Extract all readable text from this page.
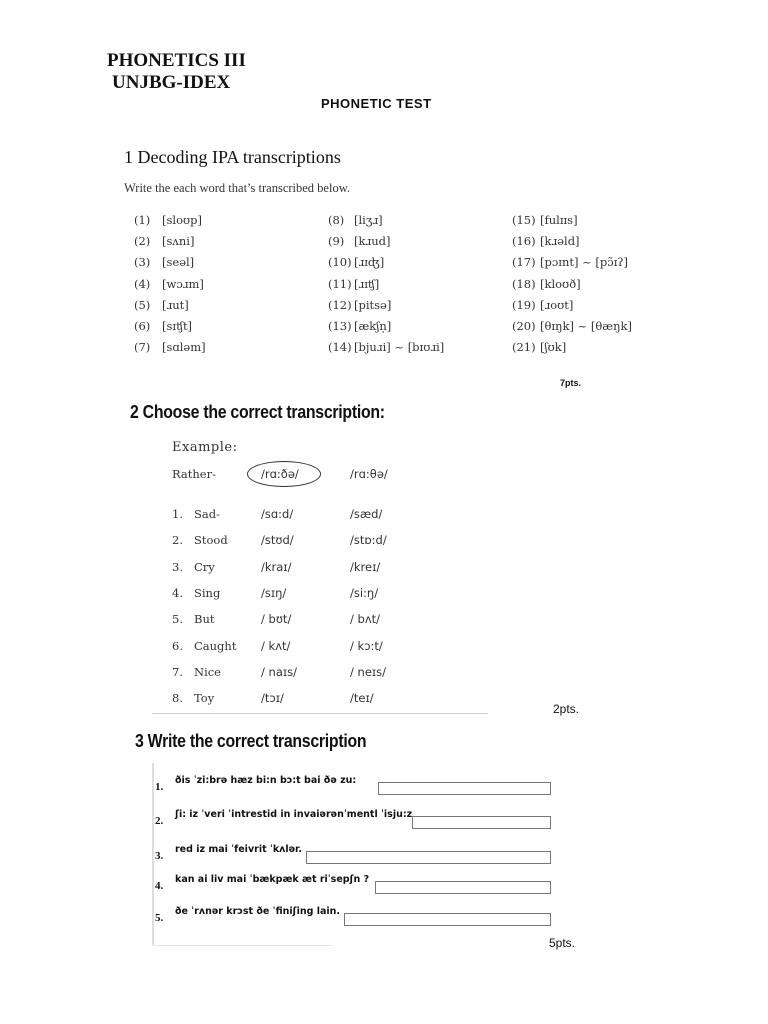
PHONETICS III
UNJBG-IDEX
PHONETIC TEST
1 Decoding IPA transcriptions
Write the each word that’s transcribed below.
(1) [sloʊp]
(2) [sʌni]
(3) [seəl]
(4) [wɔɹm]
(5) [ɹut]
(6) [sɪʧt]
(7) [sɑləm]
(8) [liʒɹ]
(9) [kɹud]
(10) [ɹɪʤ]
(11) [ɹɪʧ]
(12) [pitsə]
(13) [ækʃn̩]
(14) [bjuɹi] ~ [bɪʊɹi]
(15) [fulɪɪs]
(16) [kɹəld]
(17) [pɔɪnt] ~ [pɔ̃ɪʔ]
(18) [kloʊð]
(19) [ɹoʊt]
(20) [θɪŋk] ~ [θæŋk]
(21) [ʃʊk]
7pts.
2 Choose the correct transcription:
Example:
Rather-	/rɑ:ðə/	/rɑ:θə/
1. Sad-	/sɑ:d/	/sæd/
2. Stood	/stʊd/	/stɒ:d/
3. Cry	/kraɪ/	/kreɪ/
4. Sing	/sɪŋ/	/si:ŋ/
5. But	/ bʊt/	/ bʌt/
6. Caught / kʌt/	/ kɔ:t/
7. Nice	/ naɪs/	/ neɪs/
8. Toy	/tɔɪ/	/teɪ/
2pts.
3 Write the correct transcription
1.
ðis ˈzi:brə hæz bi:n bɔ:t bai ðə zu:
2.
ʃi: iz ˈveri ˈintrestid in invaiərənˈmentl ˈisju:z
3.
red iz mai ˈfeivrit ˈkʌlər.
4.
kan ai liv mai ˈbækpæk æt riˈsepʃn ?
5.
ðe ˈrʌnər krɔst ðe ˈfiniʃing lain.
5pts.
